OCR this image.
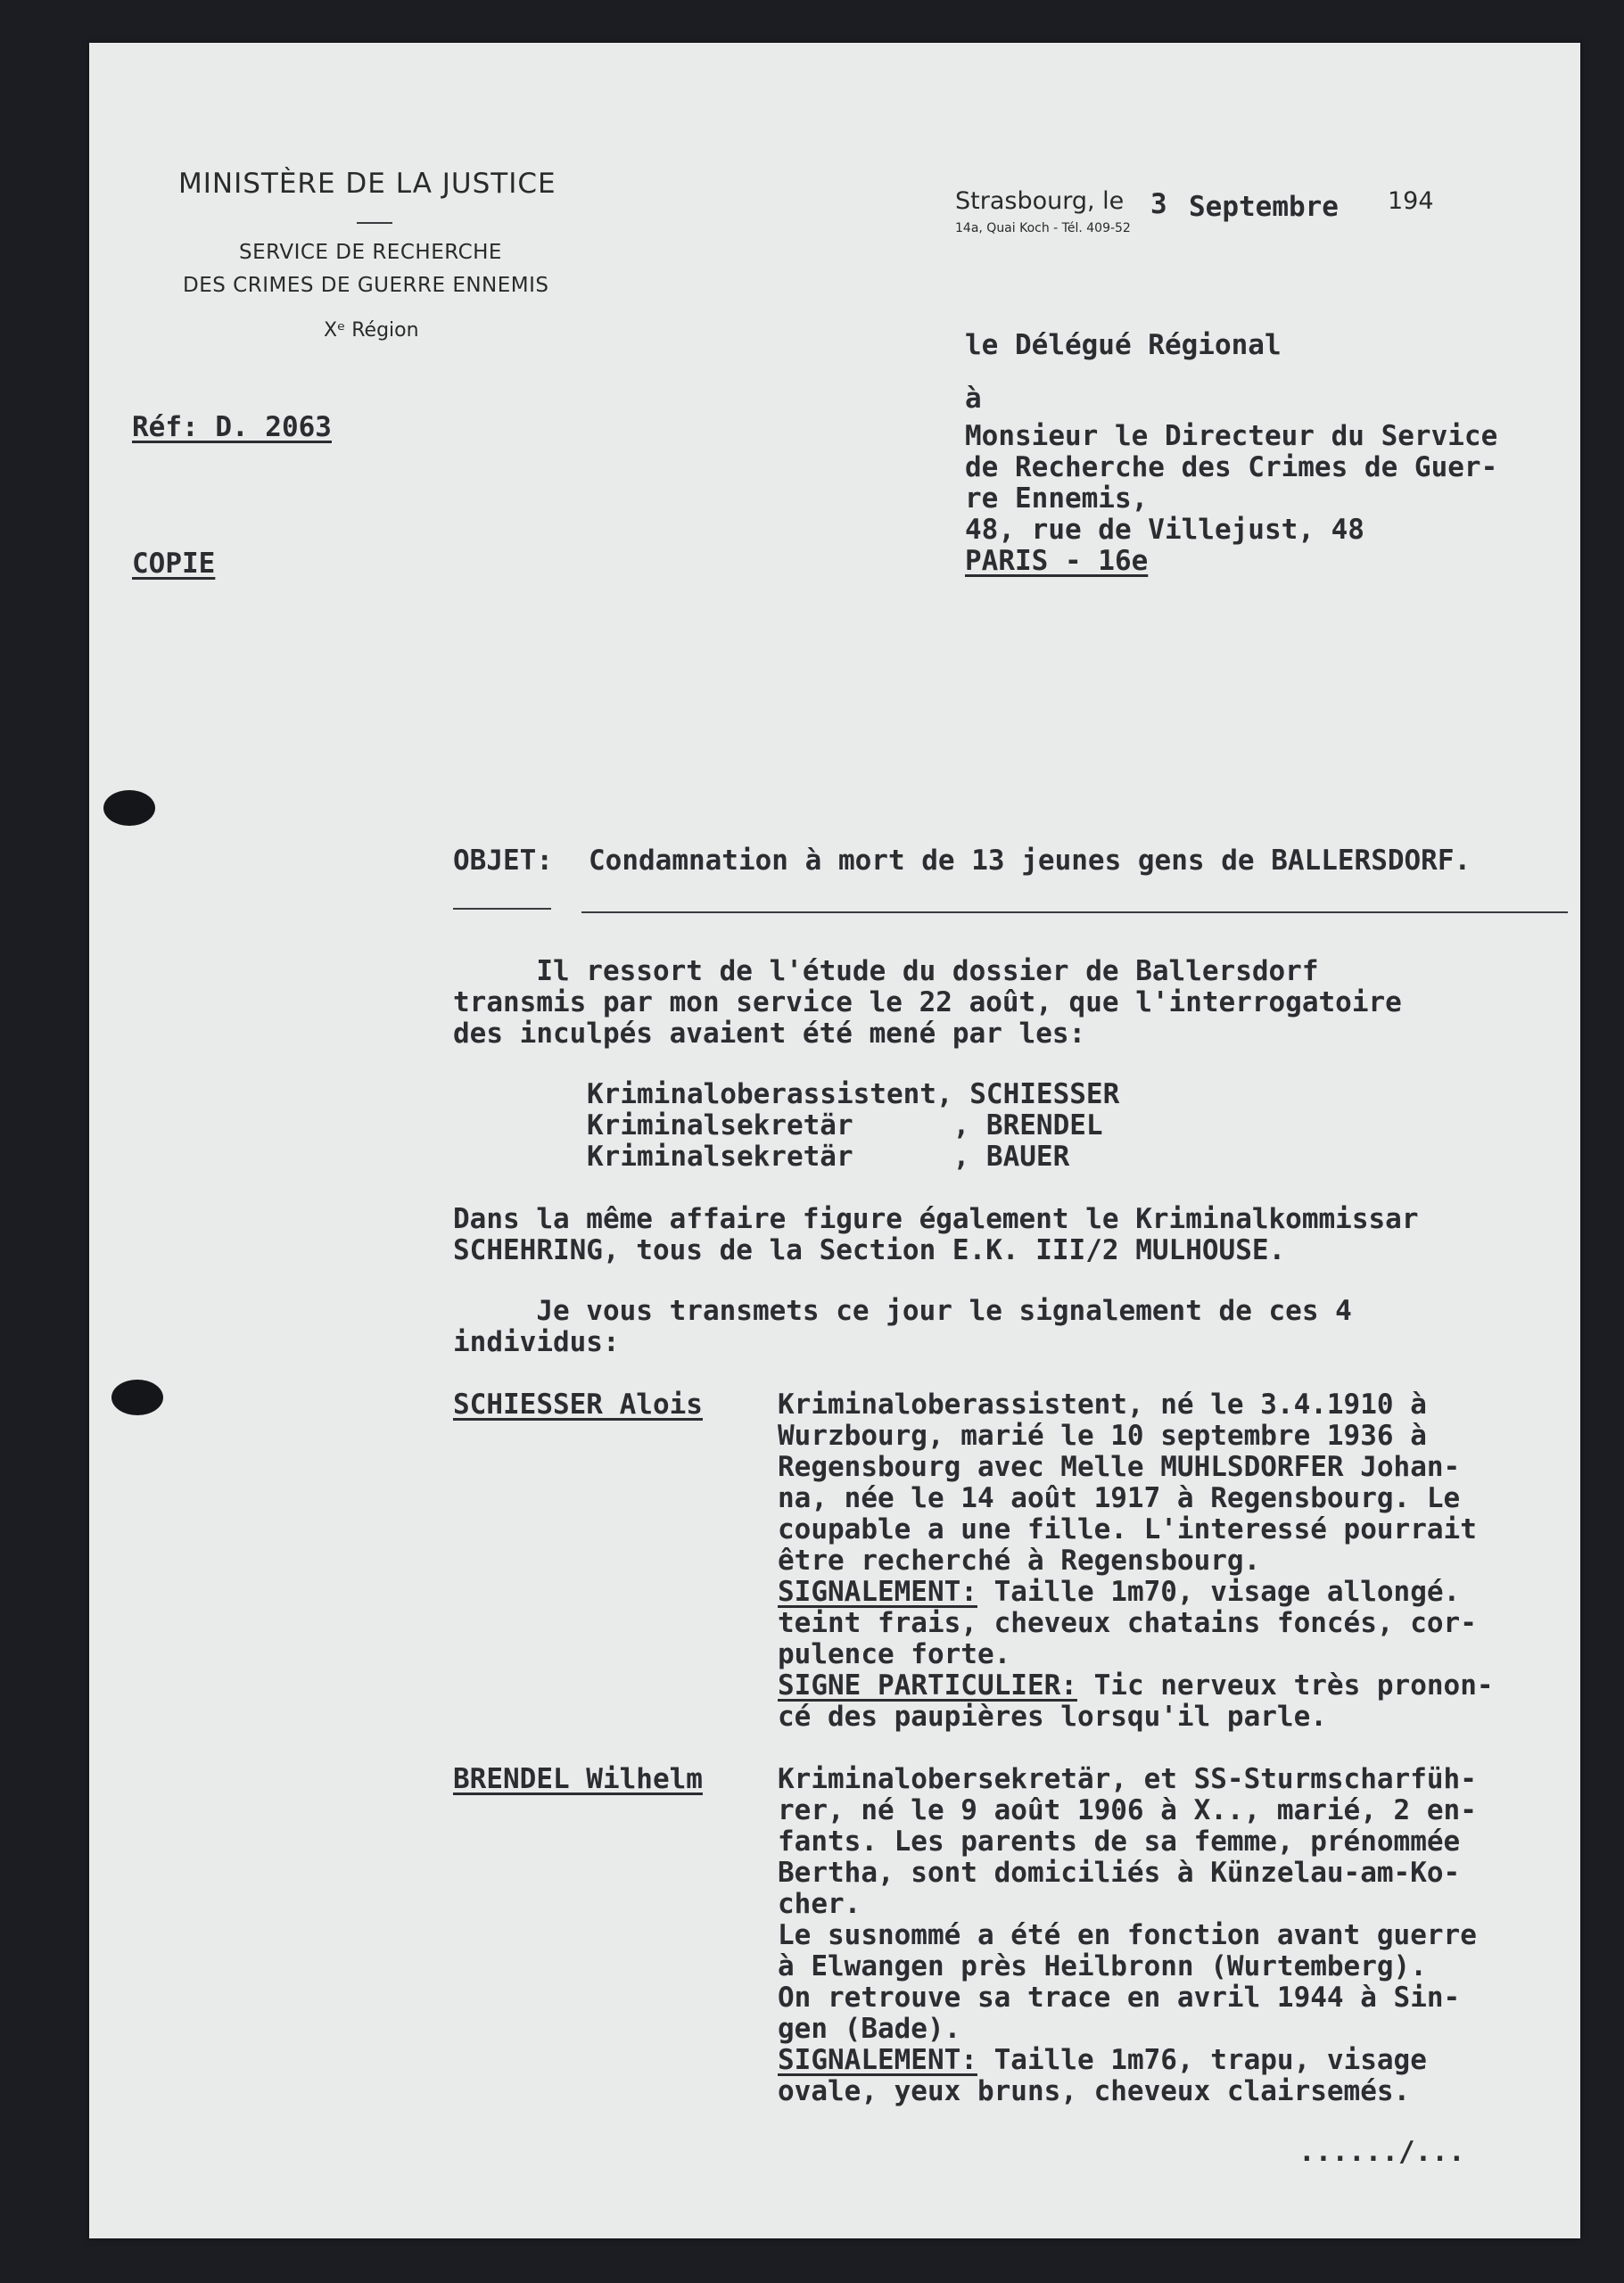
MINISTÈRE DE LA JUSTICE
SERVICE DE RECHERCHE
DES CRIMES DE GUERRE ENNEMIS
Xᵉ Région
Strasbourg, le 3 Septembre 194
14a, Quai Koch - Tél. 409-52
Réf: D. 2063
COPIE
le Délégué Régional
à
Monsieur le Directeur du Service
de Recherche des Crimes de Guer-
re Ennemis,
48, rue de Villejust, 48
PARIS - 16e
OBJET: Condamnation à mort de 13 jeunes gens de BALLERSDORF.
Il ressort de l'étude du dossier de Ballersdorf
transmis par mon service le 22 août, que l'interrogatoire
des inculpés avaient été mené par les:
Kriminaloberassistent, SCHIESSER
Kriminalsekretär      , BRENDEL
Kriminalsekretär      , BAUER
Dans la même affaire figure également le Kriminalkommissar
SCHEHRING, tous de la Section E.K. III/2 MULHOUSE.
Je vous transmets ce jour le signalement de ces 4
individus:
SCHIESSER Alois	Kriminaloberassistent, né le 3.4.1910 à
Wurzbourg, marié le 10 septembre 1936 à
Regensbourg avec Melle MUHLSDORFER Johan-
na, née le 14 août 1917 à Regensbourg. Le
coupable a une fille. L'interessé pourrait
être recherché à Regensbourg.
SIGNALEMENT: Taille 1m70, visage allongé.
teint frais, cheveux chatains foncés, cor-
pulence forte.
SIGNE PARTICULIER: Tic nerveux très pronon-
cé des paupières lorsqu'il parle.
BRENDEL Wilhelm	Kriminalobersekretär, et SS-Sturmscharfüh-
rer, né le 9 août 1906 à X.., marié, 2 en-
fants. Les parents de sa femme, prénommée
Bertha, sont domiciliés à Künzelau-am-Ko-
cher.
Le susnommé a été en fonction avant guerre
à Elwangen près Heilbronn (Wurtemberg).
On retrouve sa trace en avril 1944 à Sin-
gen (Bade).
SIGNALEMENT: Taille 1m76, trapu, visage
ovale, yeux bruns, cheveux clairsemés.
....../...
